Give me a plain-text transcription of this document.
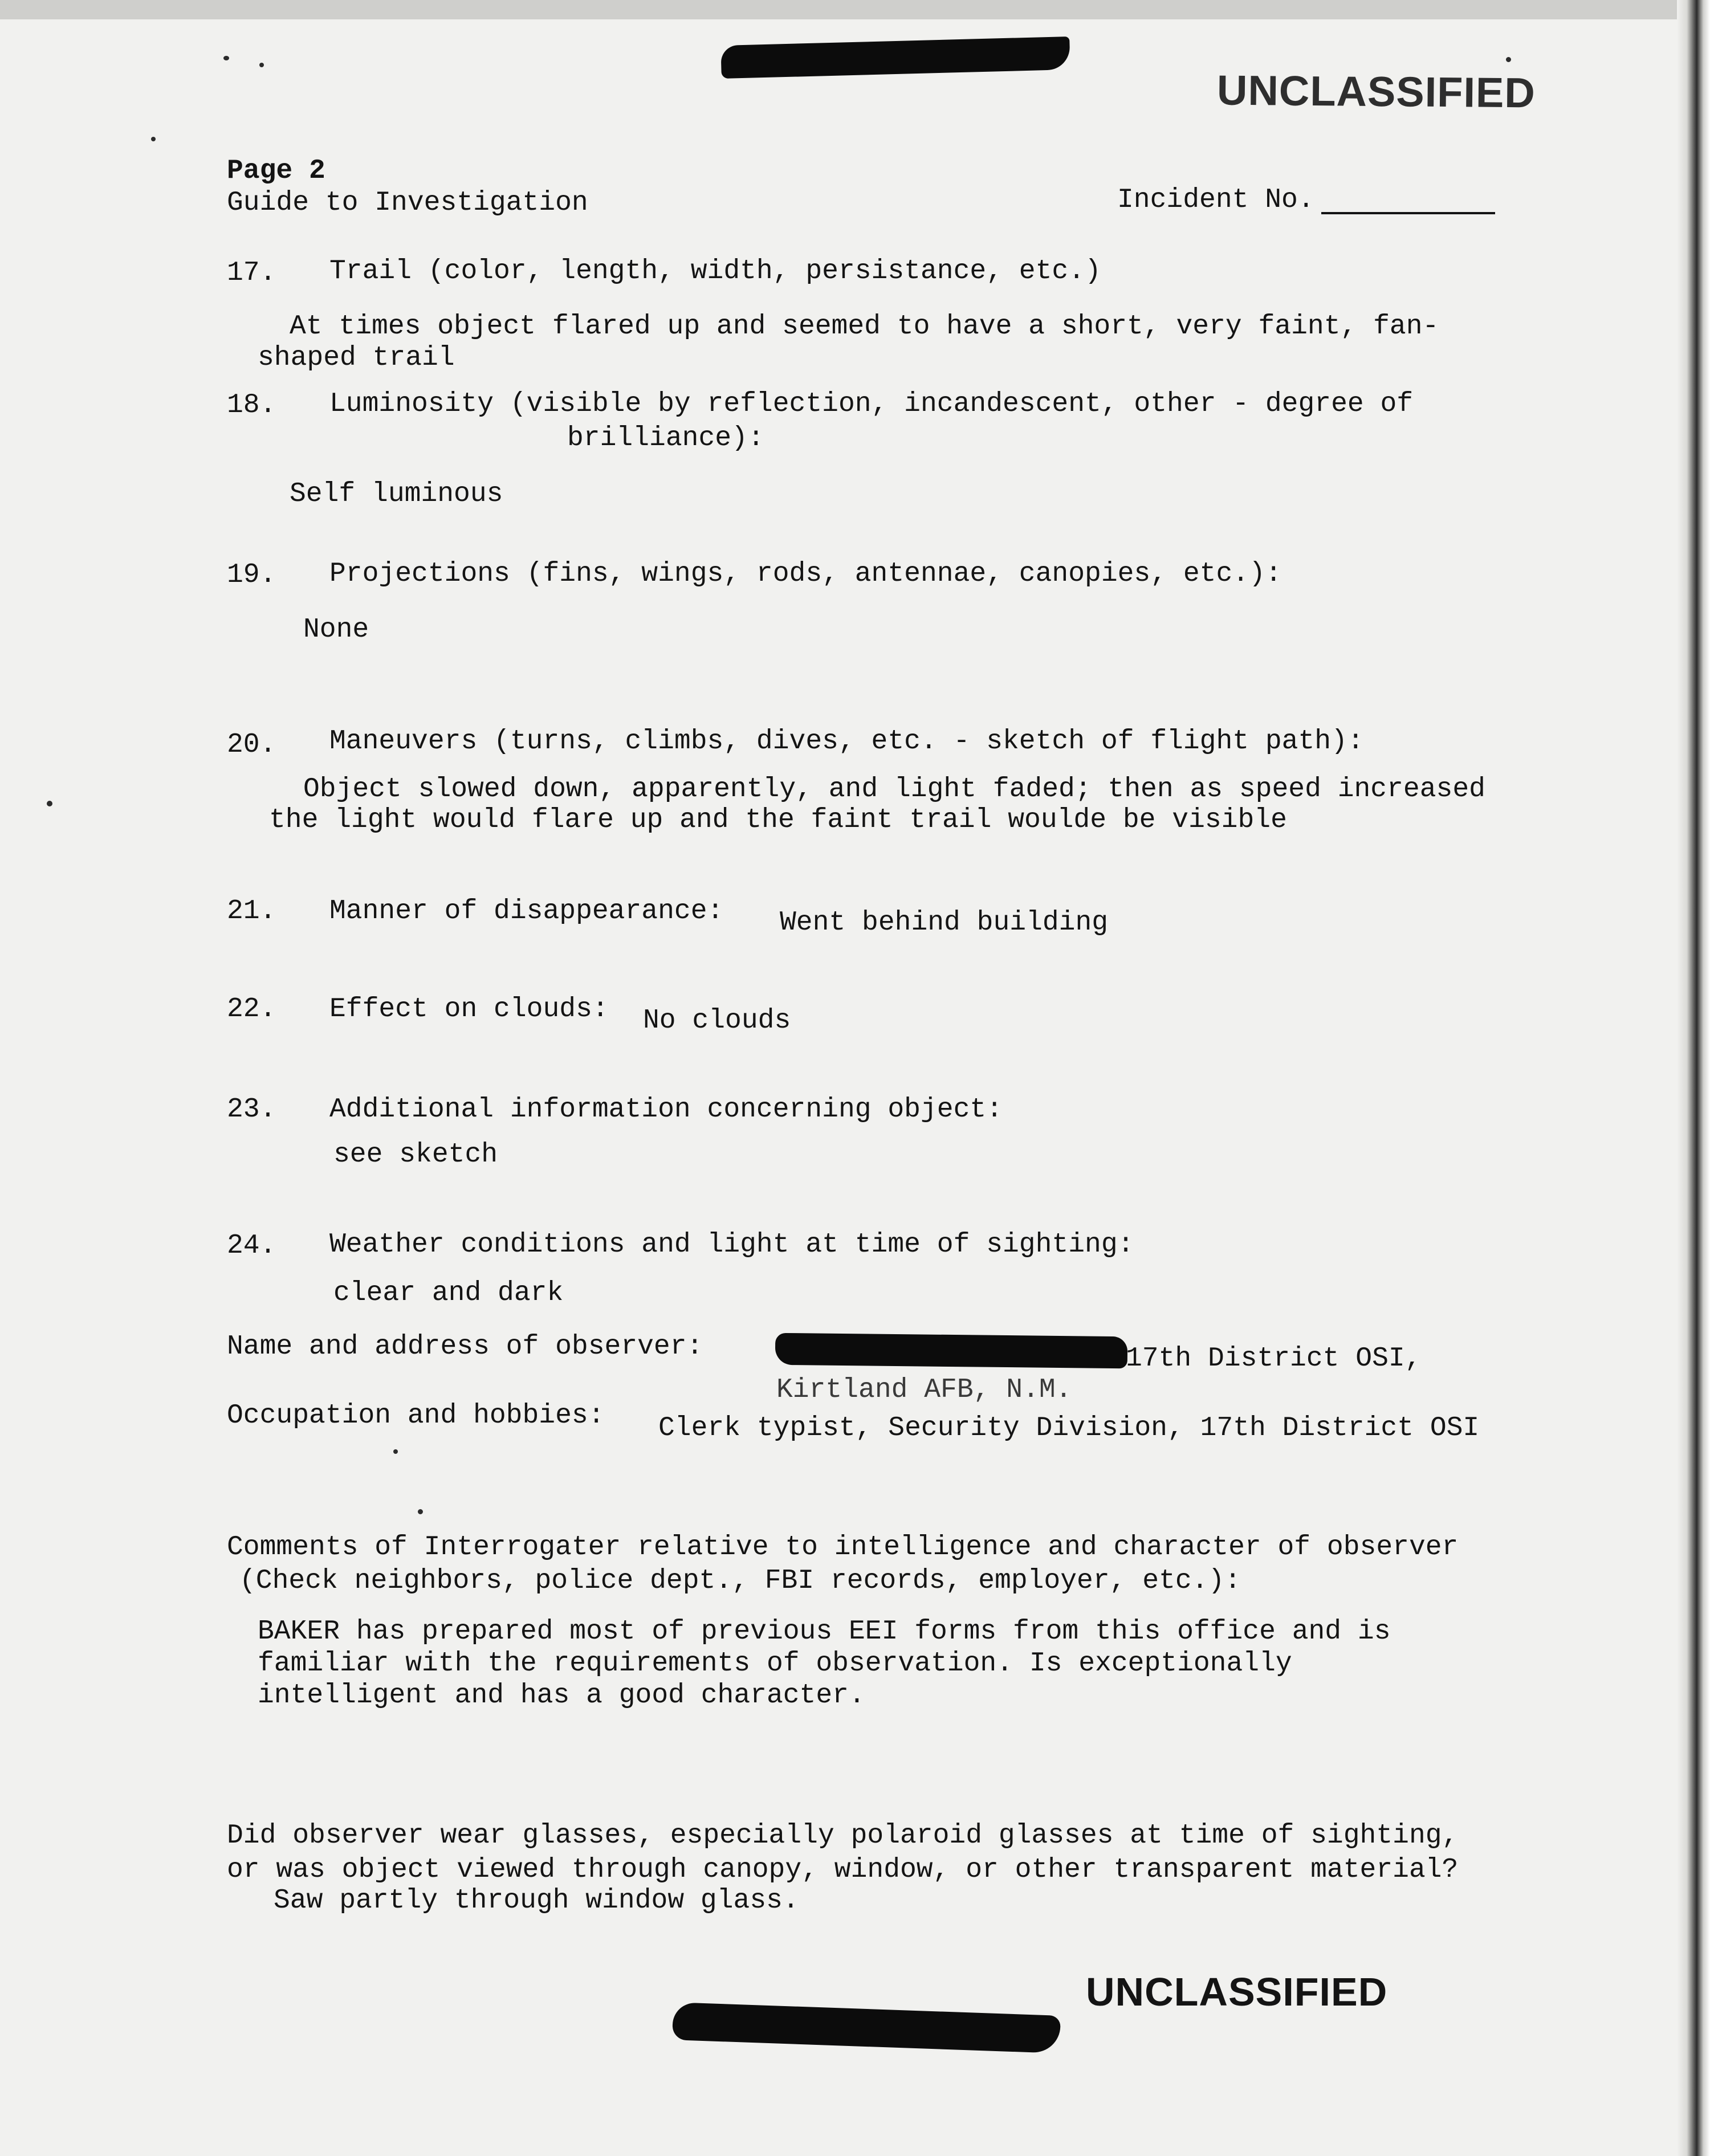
UNCLASSIFIED
Page 2
Guide to Investigation	Incident No.
17. Trail (color, length, width, persistance, etc.)
At times object flared up and seemed to have a short, very faint, fan-
shaped trail
18. Luminosity (visible by reflection, incandescent, other - degree of
brilliance):
Self luminous
19. Projections (fins, wings, rods, antennae, canopies, etc.):
None
20. Maneuvers (turns, climbs, dives, etc. - sketch of flight path):
Object slowed down, apparently, and light faded; then as speed increased
the light would flare up and the faint trail woulde be visible
21. Manner of disappearance: Went behind building
22. Effect on clouds: No clouds
23. Additional information concerning object:
see sketch
24. Weather conditions and light at time of sighting:
clear and dark
Name and address of observer:	17th District OSI,
Kirtland AFB, N.M.
Occupation and hobbies: Clerk typist, Security Division, 17th District OSI
Comments of Interrogater relative to intelligence and character of observer
(Check neighbors, police dept., FBI records, employer, etc.):
BAKER has prepared most of previous EEI forms from this office and is
familiar with the requirements of observation. Is exceptionally
intelligent and has a good character.
Did observer wear glasses, especially polaroid glasses at time of sighting,
or was object viewed through canopy, window, or other transparent material?
Saw partly through window glass.
UNCLASSIFIED
